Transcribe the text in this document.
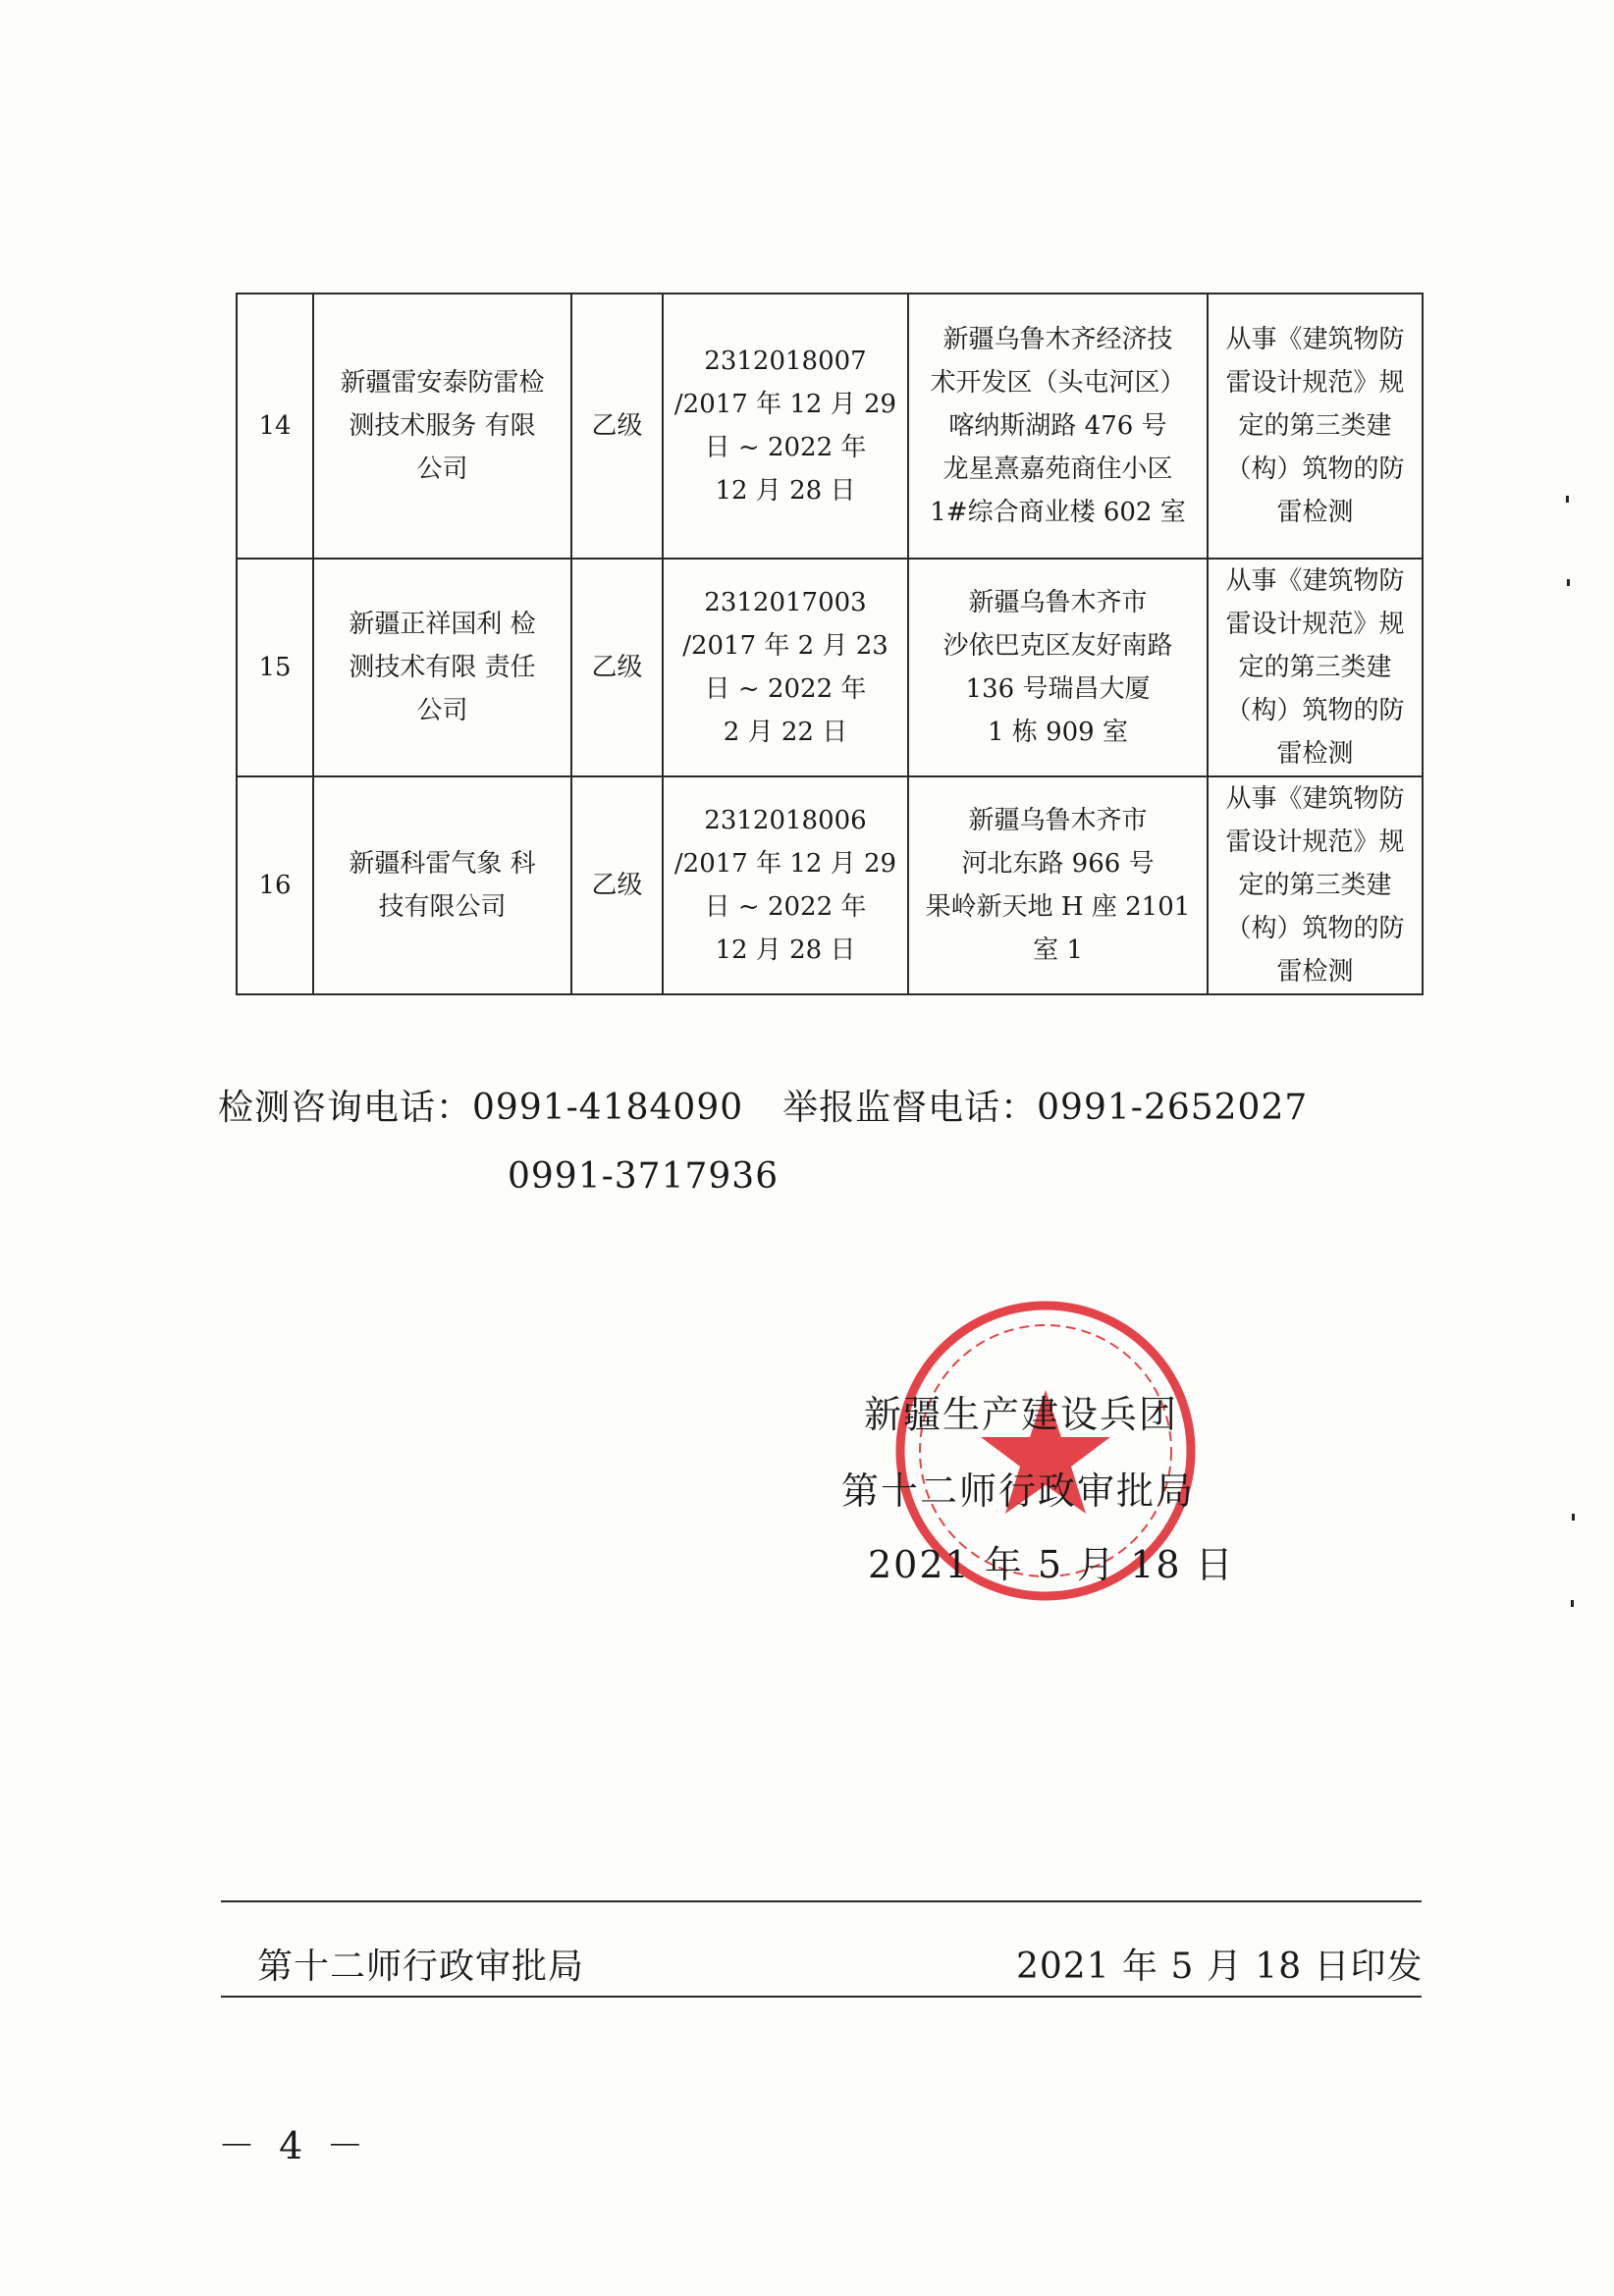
14	新疆雷安泰防雷检
测技术服务 有限
公司	乙级	2312018007
/2017 年 12 月 29
日 ~ 2022 年
12 月 28 日	新疆乌鲁木齐经济技
术开发区（头屯河区）
喀纳斯湖路 476 号
龙星熹嘉苑商住小区
1#综合商业楼 602 室	从事《建筑物防
雷设计规范》规
定的第三类建
（构）筑物的防
雷检测

15	新疆正祥国利 检
测技术有限 责任
公司	乙级	2312017003
/2017 年 2 月 23
日 ~ 2022 年
2 月 22 日	新疆乌鲁木齐市
沙依巴克区友好南路
136 号瑞昌大厦
1 栋 909 室	从事《建筑物防
雷设计规范》规
定的第三类建
（构）筑物的防
雷检测

16	新疆科雷气象 科
技有限公司	乙级	2312018006
/2017 年 12 月 29
日 ~ 2022 年
12 月 28 日	新疆乌鲁木齐市
河北东路 966 号
果岭新天地 H 座 2101
室 1	从事《建筑物防
雷设计规范》规
定的第三类建
（构）筑物的防
雷检测
检测咨询电话：0991-4184090 举报监督电话：0991-2652027
0991-3717936
新疆生产建设兵团
第十二师行政审批局
2021 年 5 月 18 日
第十二师行政审批局	2021 年 5 月 18 日印发
－ 4 －
